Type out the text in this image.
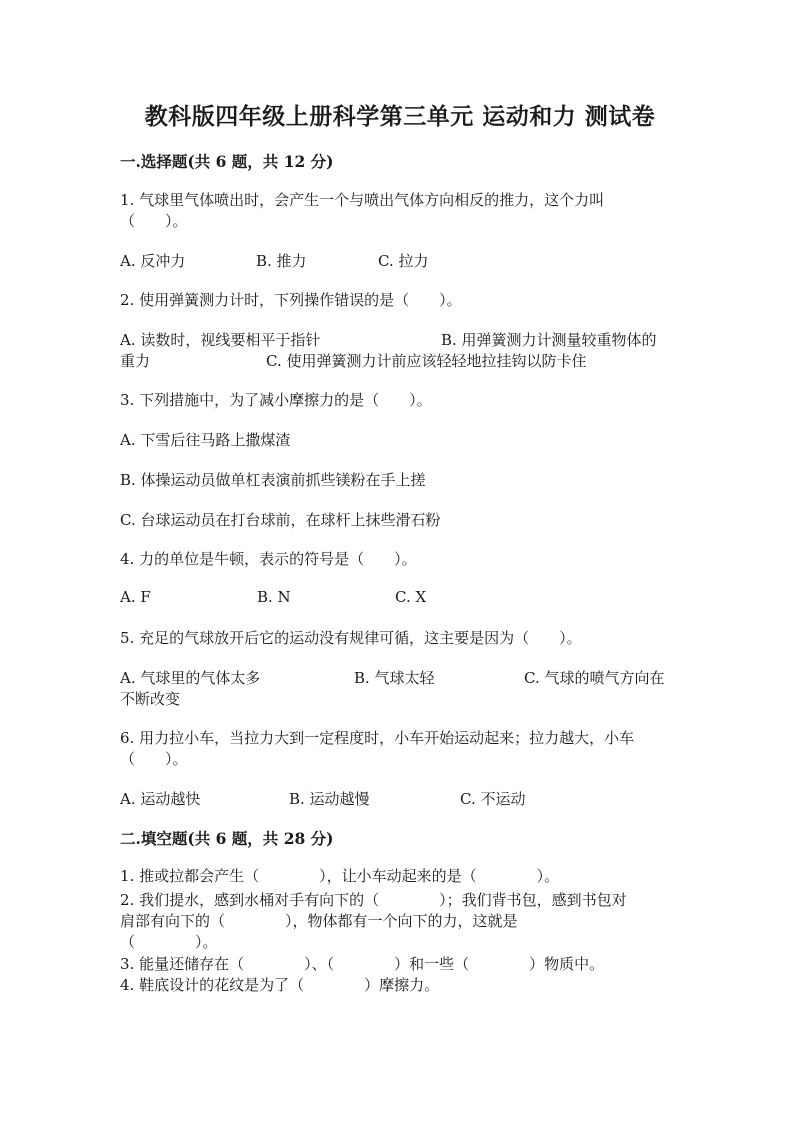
教科版四年级上册科学第三单元 运动和力 测试卷
一.选择题(共 6 题，共 12 分)
1. 气球里气体喷出时，会产生一个与喷出气体方向相反的推力，这个力叫
（　　）。
A. 反冲力	B. 推力	C. 拉力
2. 使用弹簧测力计时，下列操作错误的是（　　）。
A. 读数时，视线要相平于指针	B. 用弹簧测力计测量较重物体的
重力	C. 使用弹簧测力计前应该轻轻地拉挂钩以防卡住
3. 下列措施中，为了减小摩擦力的是（　　）。
A. 下雪后往马路上撒煤渣
B. 体操运动员做单杠表演前抓些镁粉在手上搓
C. 台球运动员在打台球前，在球杆上抹些滑石粉
4. 力的单位是牛顿，表示的符号是（　　）。
A. F	B. N	C. X
5. 充足的气球放开后它的运动没有规律可循，这主要是因为（　　）。
A. 气球里的气体太多	B. 气球太轻	C. 气球的喷气方向在
不断改变
6. 用力拉小车，当拉力大到一定程度时，小车开始运动起来；拉力越大，小车
（　　）。
A. 运动越快	B. 运动越慢	C. 不运动
二.填空题(共 6 题，共 28 分)
1. 推或拉都会产生（　　　　），让小车动起来的是（　　　　）。
2. 我们提水，感到水桶对手有向下的（　　　　）；我们背书包，感到书包对
肩部有向下的（　　　　），物体都有一个向下的力，这就是
（　　　　）。
3. 能量还储存在（　　　　）、（　　　　）和一些（　　　　）物质中。
4. 鞋底设计的花纹是为了（　　　　）摩擦力。
